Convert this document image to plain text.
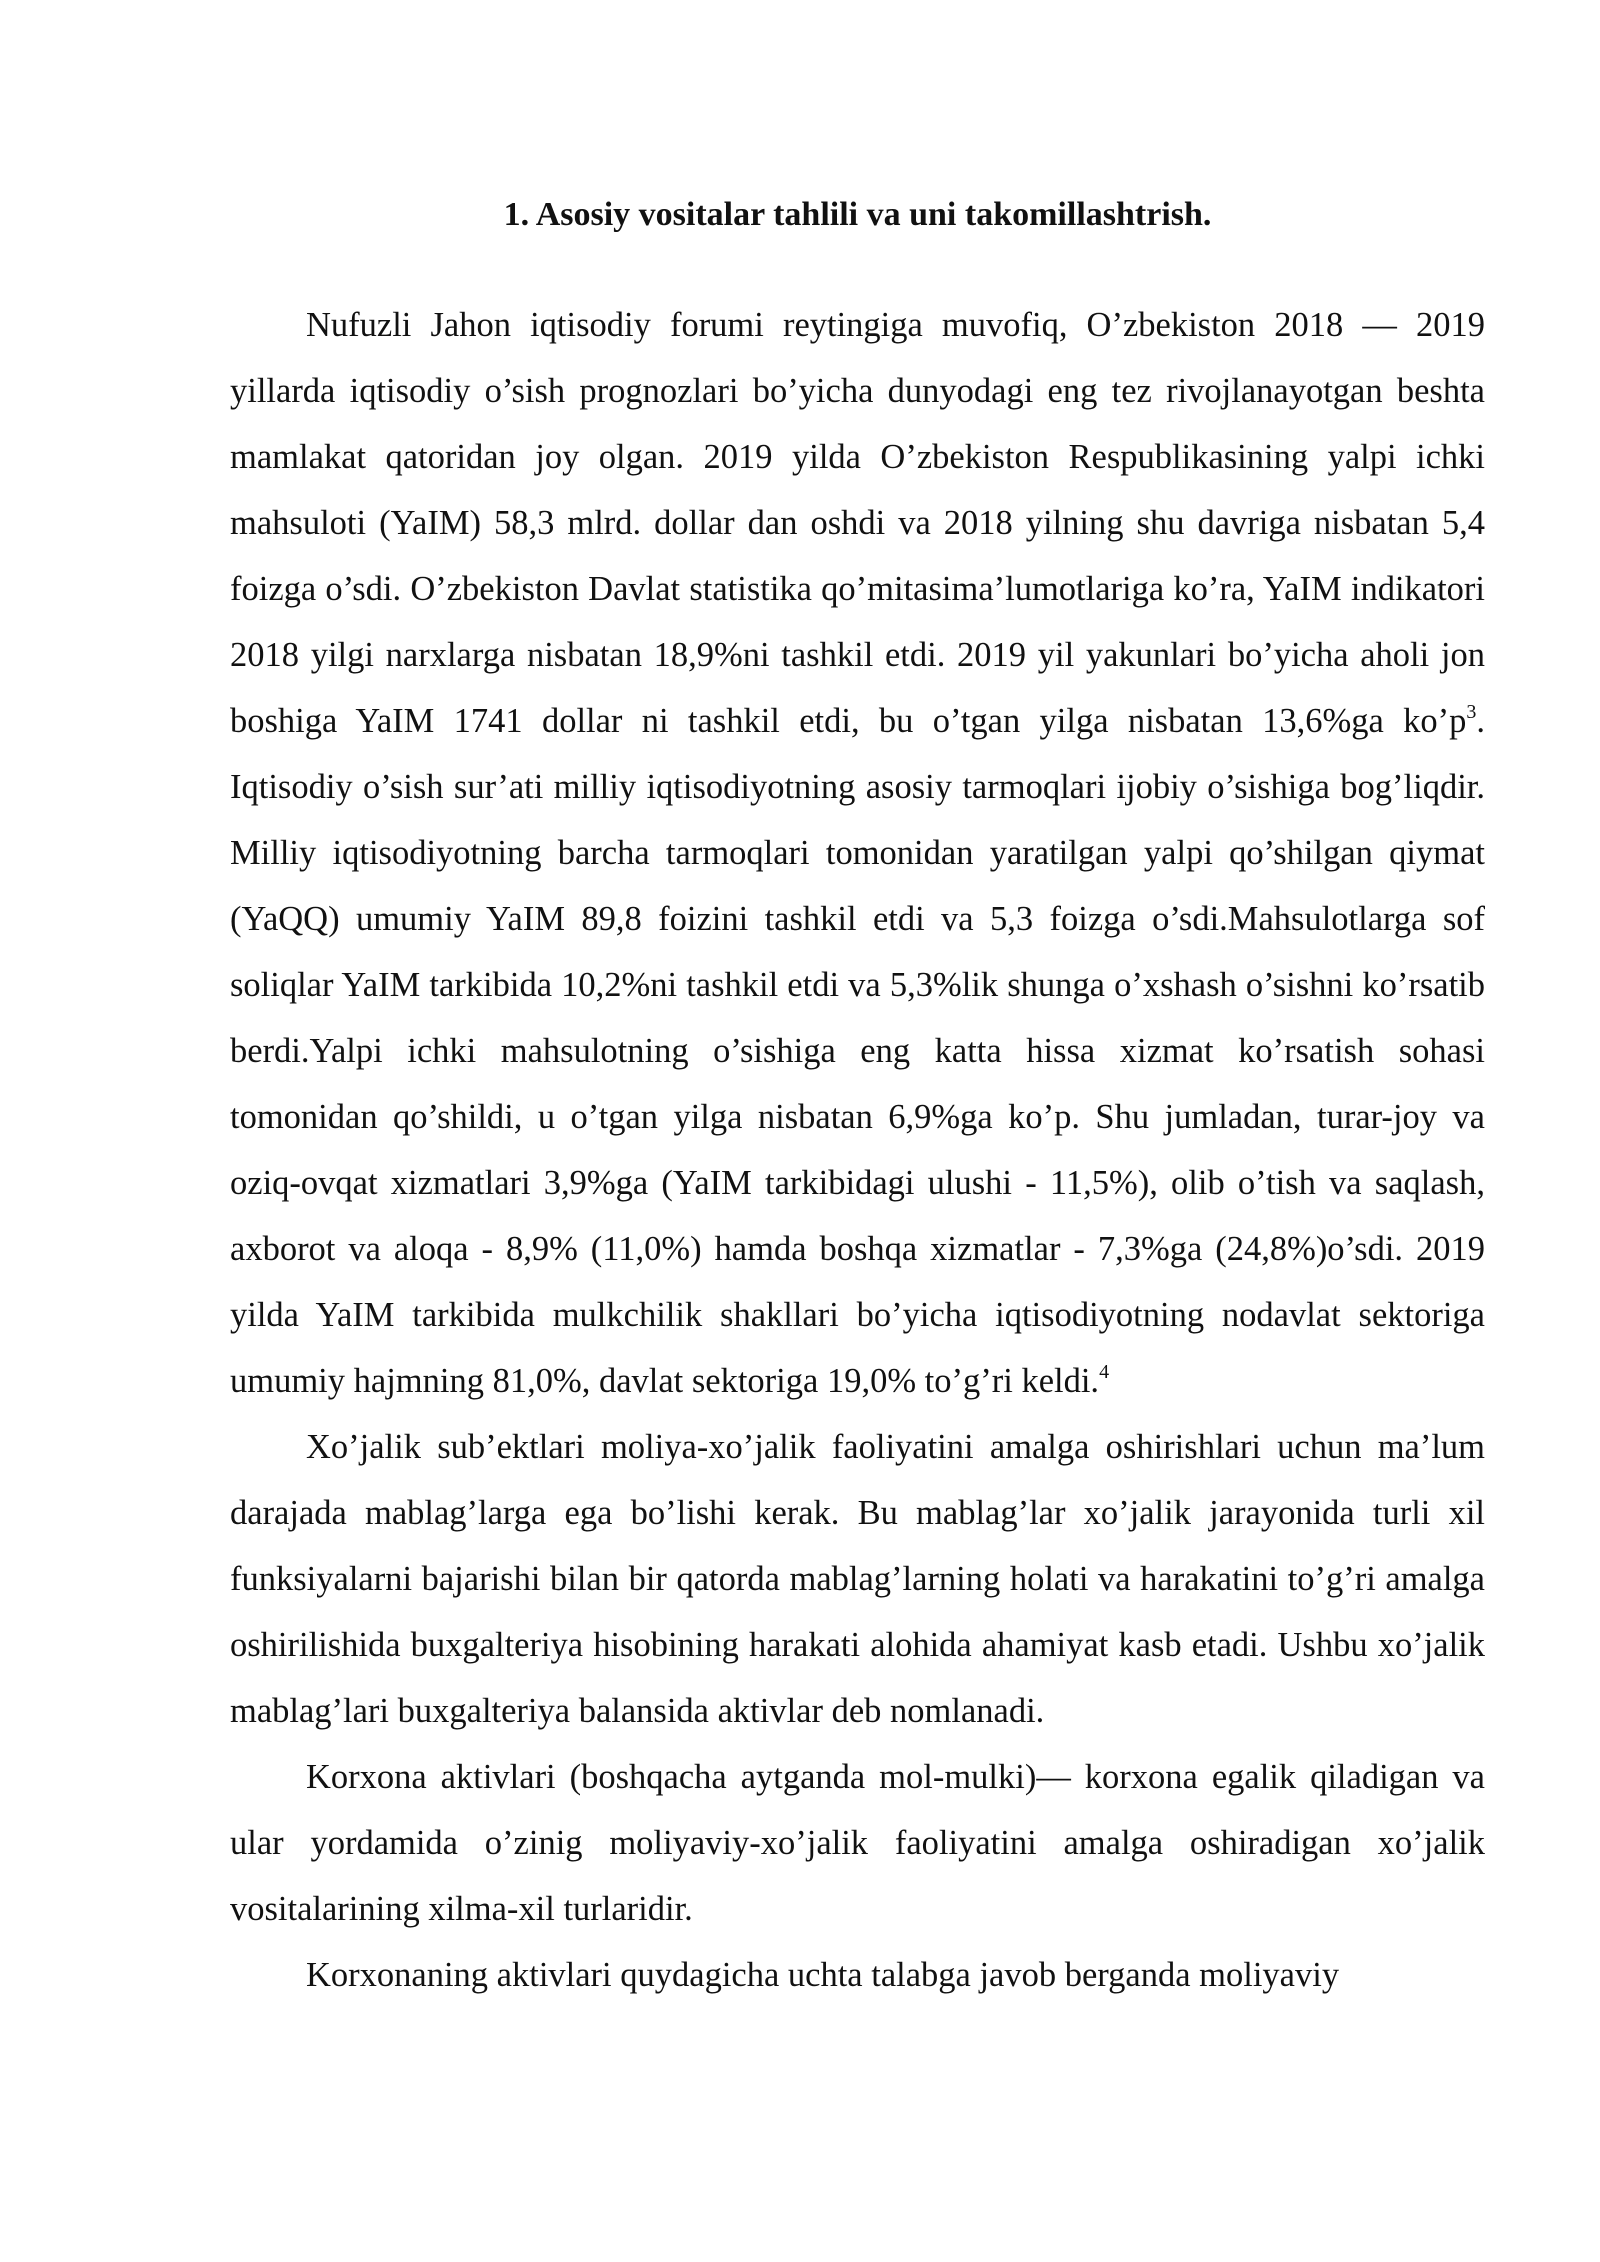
1. Asosiy vositalar tahlili va uni takomillashtrish.

Nufuzli Jahon iqtisodiy forumi reytingiga muvofiq, O’zbekiston 2018 — 2019 yillarda iqtisodiy o’sish prognozlari bo’yicha dunyodagi eng tez rivojlanayotgan beshta mamlakat qatoridan joy olgan. 2019 yilda O’zbekiston Respublikasining yalpi ichki mahsuloti (YaIM) 58,3 mlrd. dollar dan oshdi va 2018 yilning shu davriga nisbatan 5,4 foizga o’sdi. O’zbekiston Davlat statistika qo’mitasima’lumotlariga ko’ra, YaIM indikatori 2018 yilgi narxlarga nisbatan 18,9%ni tashkil etdi. 2019 yil yakunlari bo’yicha aholi jon boshiga YaIM 1741 dollar ni tashkil etdi, bu o’tgan yilga nisbatan 13,6%ga ko’p$^3$. Iqtisodiy o’sish sur’ati milliy iqtisodiyotning asosiy tarmoqlari ijobiy o’sishiga bog’liqdir. Milliy iqtisodiyotning barcha tarmoqlari tomonidan yaratilgan yalpi qo’shilgan qiymat (YaQQ) umumiy YaIM 89,8 foizini tashkil etdi va 5,3 foizga o’sdi.Mahsulotlarga sof soliqlar YaIM tarkibida 10,2%ni tashkil etdi va 5,3%lik shunga o’xshash o’sishni ko’rsatib berdi.Yalpi ichki mahsulotning o’sishiga eng katta hissa xizmat ko’rsatish sohasi tomonidan qo’shildi, u o’tgan yilga nisbatan 6,9%ga ko’p. Shu jumladan, turar-joy va oziq-ovqat xizmatlari 3,9%ga (YaIM tarkibidagi ulushi - 11,5%), olib o’tish va saqlash, axborot va aloqa - 8,9% (11,0%) hamda boshqa xizmatlar - 7,3%ga (24,8%)o’sdi. 2019 yilda YaIM tarkibida mulkchilik shakllari bo’yicha iqtisodiyotning nodavlat sektoriga umumiy hajmning 81,0%, davlat sektoriga 19,0% to’g’ri keldi.$^4$

Xo’jalik sub’ektlari moliya-xo’jalik faoliyatini amalga oshirishlari uchun ma’lum darajada mablag’larga ega bo’lishi kerak. Bu mablag’lar xo’jalik jarayonida turli xil funksiyalarni bajarishi bilan bir qatorda mablag’larning holati va harakatini to’g’ri amalga oshirilishida buxgalteriya hisobining harakati alohida ahamiyat kasb etadi. Ushbu xo’jalik mablag’lari buxgalteriya balansida aktivlar deb nomlanadi.

Korxona aktivlari (boshqacha aytganda mol-mulki)— korxona egalik qiladigan va ular yordamida o’zinig moliyaviy-xo’jalik faoliyatini amalga oshiradigan xo’jalik vositalarining xilma-xil turlaridir.

Korxonaning aktivlari quydagicha uchta talabga javob berganda moliyaviy
